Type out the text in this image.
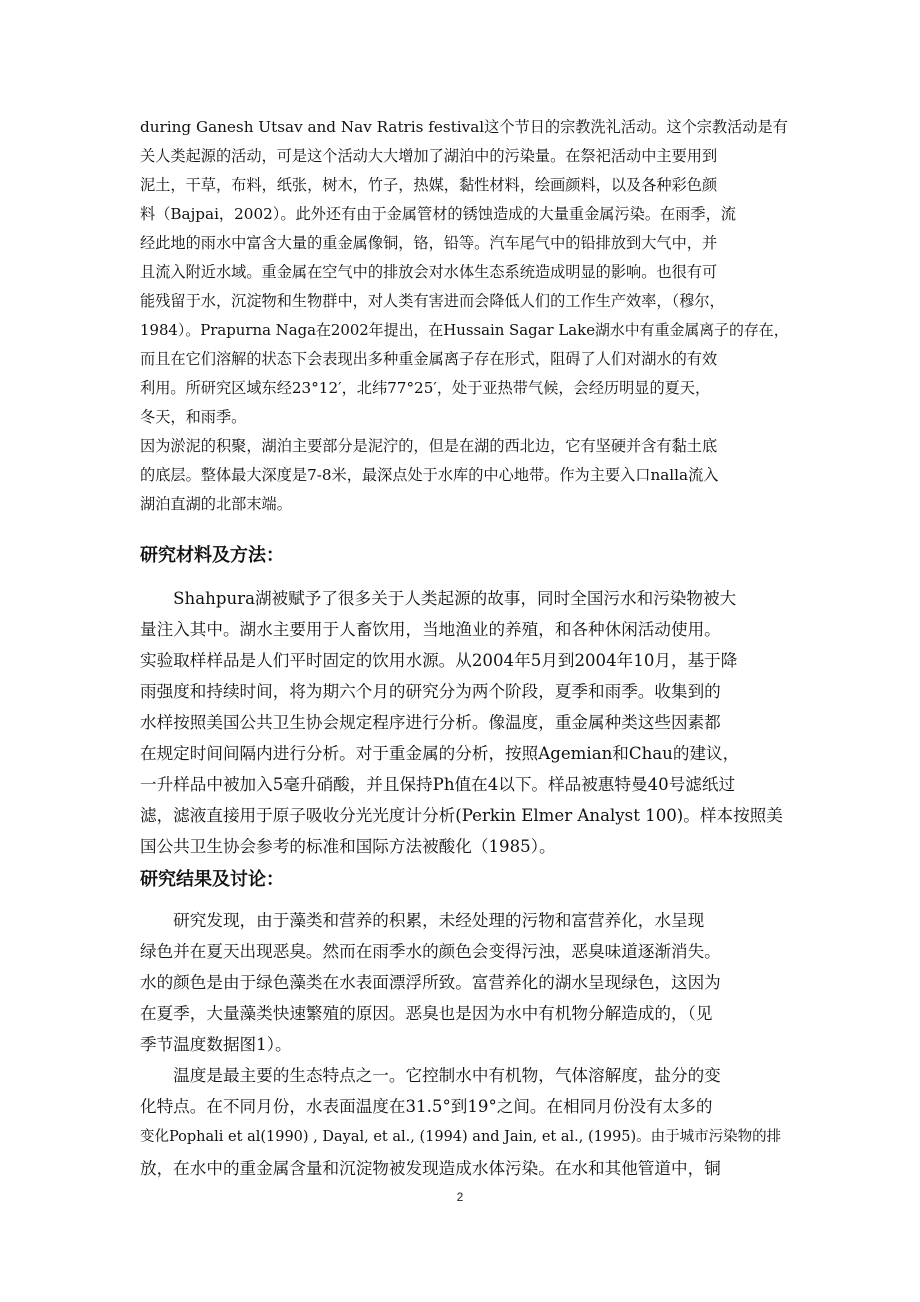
during Ganesh Utsav and Nav Ratris festival这个节日的宗教洗礼活动。这个宗教活动是有
关人类起源的活动，可是这个活动大大增加了湖泊中的污染量。在祭祀活动中主要用到
泥土，干草，布料，纸张，树木，竹子，热媒，黏性材料，绘画颜料，以及各种彩色颜
料（Bajpai，2002）。此外还有由于金属管材的锈蚀造成的大量重金属污染。在雨季，流
经此地的雨水中富含大量的重金属像铜，铬，铅等。汽车尾气中的铅排放到大气中，并
且流入附近水域。重金属在空气中的排放会对水体生态系统造成明显的影响。也很有可
能残留于水，沉淀物和生物群中，对人类有害进而会降低人们的工作生产效率，（穆尔，
1984）。Prapurna Naga在2002年提出，在Hussain Sagar Lake湖水中有重金属离子的存在，
而且在它们溶解的状态下会表现出多种重金属离子存在形式，阻碍了人们对湖水的有效
利用。所研究区域东经23°12′，北纬77°25′，处于亚热带气候，会经历明显的夏天，
冬天，和雨季。
因为淤泥的积聚，湖泊主要部分是泥泞的，但是在湖的西北边，它有坚硬并含有黏土底
的底层。整体最大深度是7-8米，最深点处于水库的中心地带。作为主要入口nalla流入
湖泊直湖的北部末端。
研究材料及方法：
　　Shahpura湖被赋予了很多关于人类起源的故事，同时全国污水和污染物被大
量注入其中。湖水主要用于人畜饮用，当地渔业的养殖，和各种休闲活动使用。
实验取样样品是人们平时固定的饮用水源。从2004年5月到2004年10月，基于降
雨强度和持续时间，将为期六个月的研究分为两个阶段，夏季和雨季。收集到的
水样按照美国公共卫生协会规定程序进行分析。像温度，重金属种类这些因素都
在规定时间间隔内进行分析。对于重金属的分析，按照Agemian和Chau的建议，
一升样品中被加入5毫升硝酸，并且保持Ph值在4以下。样品被惠特曼40号滤纸过
滤，滤液直接用于原子吸收分光光度计分析(Perkin Elmer Analyst 100)。样本按照美
国公共卫生协会参考的标准和国际方法被酸化（1985）。
研究结果及讨论：
　　研究发现，由于藻类和营养的积累，未经处理的污物和富营养化，水呈现
绿色并在夏天出现恶臭。然而在雨季水的颜色会变得污浊，恶臭味道逐渐消失。
水的颜色是由于绿色藻类在水表面漂浮所致。富营养化的湖水呈现绿色，这因为
在夏季，大量藻类快速繁殖的原因。恶臭也是因为水中有机物分解造成的，（见
季节温度数据图1）。
　　温度是最主要的生态特点之一。它控制水中有机物，气体溶解度，盐分的变
化特点。在不同月份，水表面温度在31.5°到19°之间。在相同月份没有太多的
变化Pophali et al(1990) , Dayal, et al., (1994) and Jain, et al., (1995)。由于城市污染物的排
放，在水中的重金属含量和沉淀物被发现造成水体污染。在水和其他管道中，铜
2
